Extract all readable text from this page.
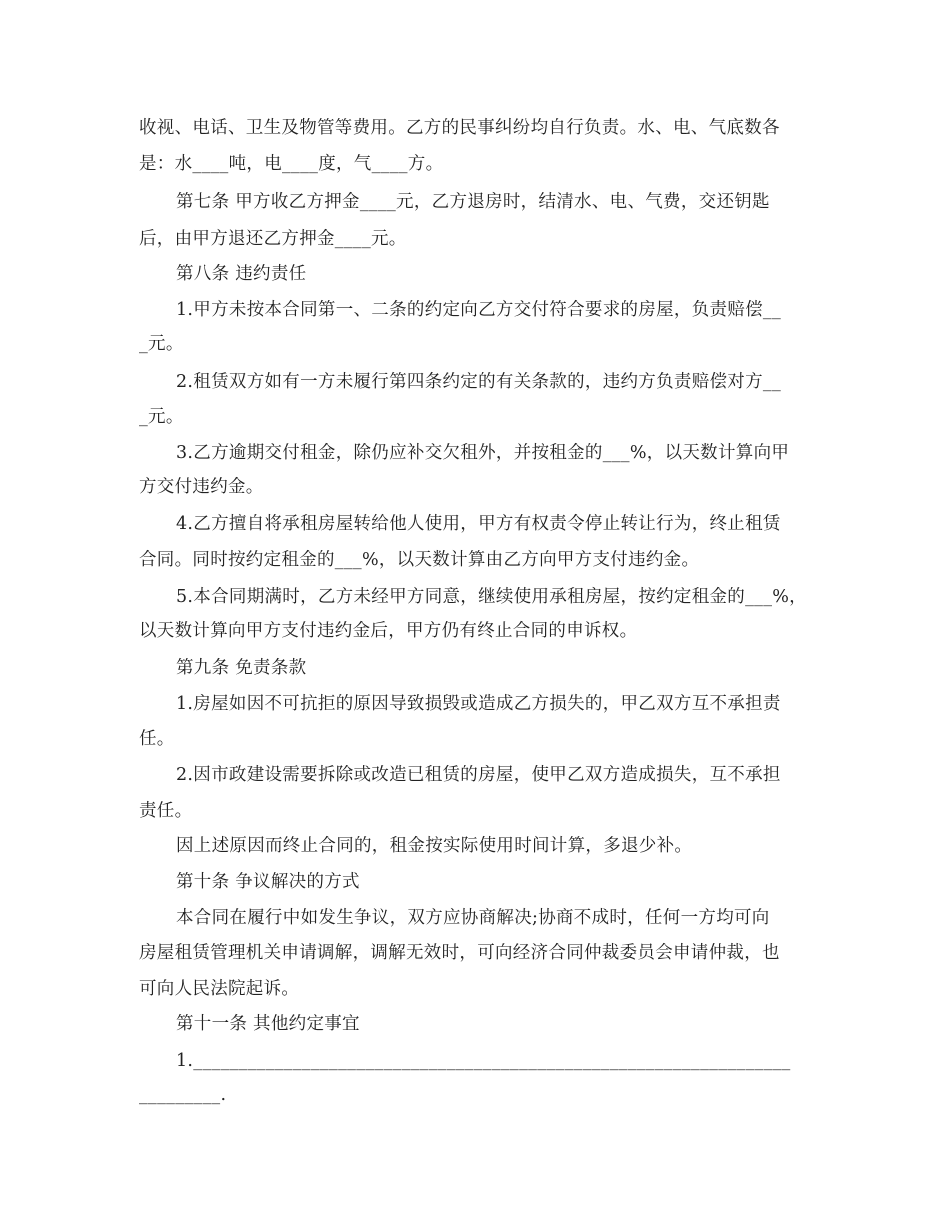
收视、电话、卫生及物管等费用。乙方的民事纠纷均自行负责。水、电、气底数各
是：水____吨，电____度，气____方。
第七条 甲方收乙方押金____元，乙方退房时，结清水、电、气费，交还钥匙
后，由甲方退还乙方押金____元。
第八条 违约责任
1.甲方未按本合同第一、二条的约定向乙方交付符合要求的房屋，负责赔偿__
_元。
2.租赁双方如有一方未履行第四条约定的有关条款的，违约方负责赔偿对方__
_元。
3.乙方逾期交付租金，除仍应补交欠租外，并按租金的___%，以天数计算向甲
方交付违约金。
4.乙方擅自将承租房屋转给他人使用，甲方有权责令停止转让行为，终止租赁
合同。同时按约定租金的___%，以天数计算由乙方向甲方支付违约金。
5.本合同期满时，乙方未经甲方同意，继续使用承租房屋，按约定租金的___%，
以天数计算向甲方支付违约金后，甲方仍有终止合同的申诉权。
第九条 免责条款
1.房屋如因不可抗拒的原因导致损毁或造成乙方损失的，甲乙双方互不承担责
任。
2.因市政建设需要拆除或改造已租赁的房屋，使甲乙双方造成损失，互不承担
责任。
因上述原因而终止合同的，租金按实际使用时间计算，多退少补。
第十条 争议解决的方式
本合同在履行中如发生争议，双方应协商解决;协商不成时，任何一方均可向
房屋租赁管理机关申请调解，调解无效时，可向经济合同仲裁委员会申请仲裁，也
可向人民法院起诉。
第十一条 其他约定事宜
1.__________________________________________________________________
_________.
